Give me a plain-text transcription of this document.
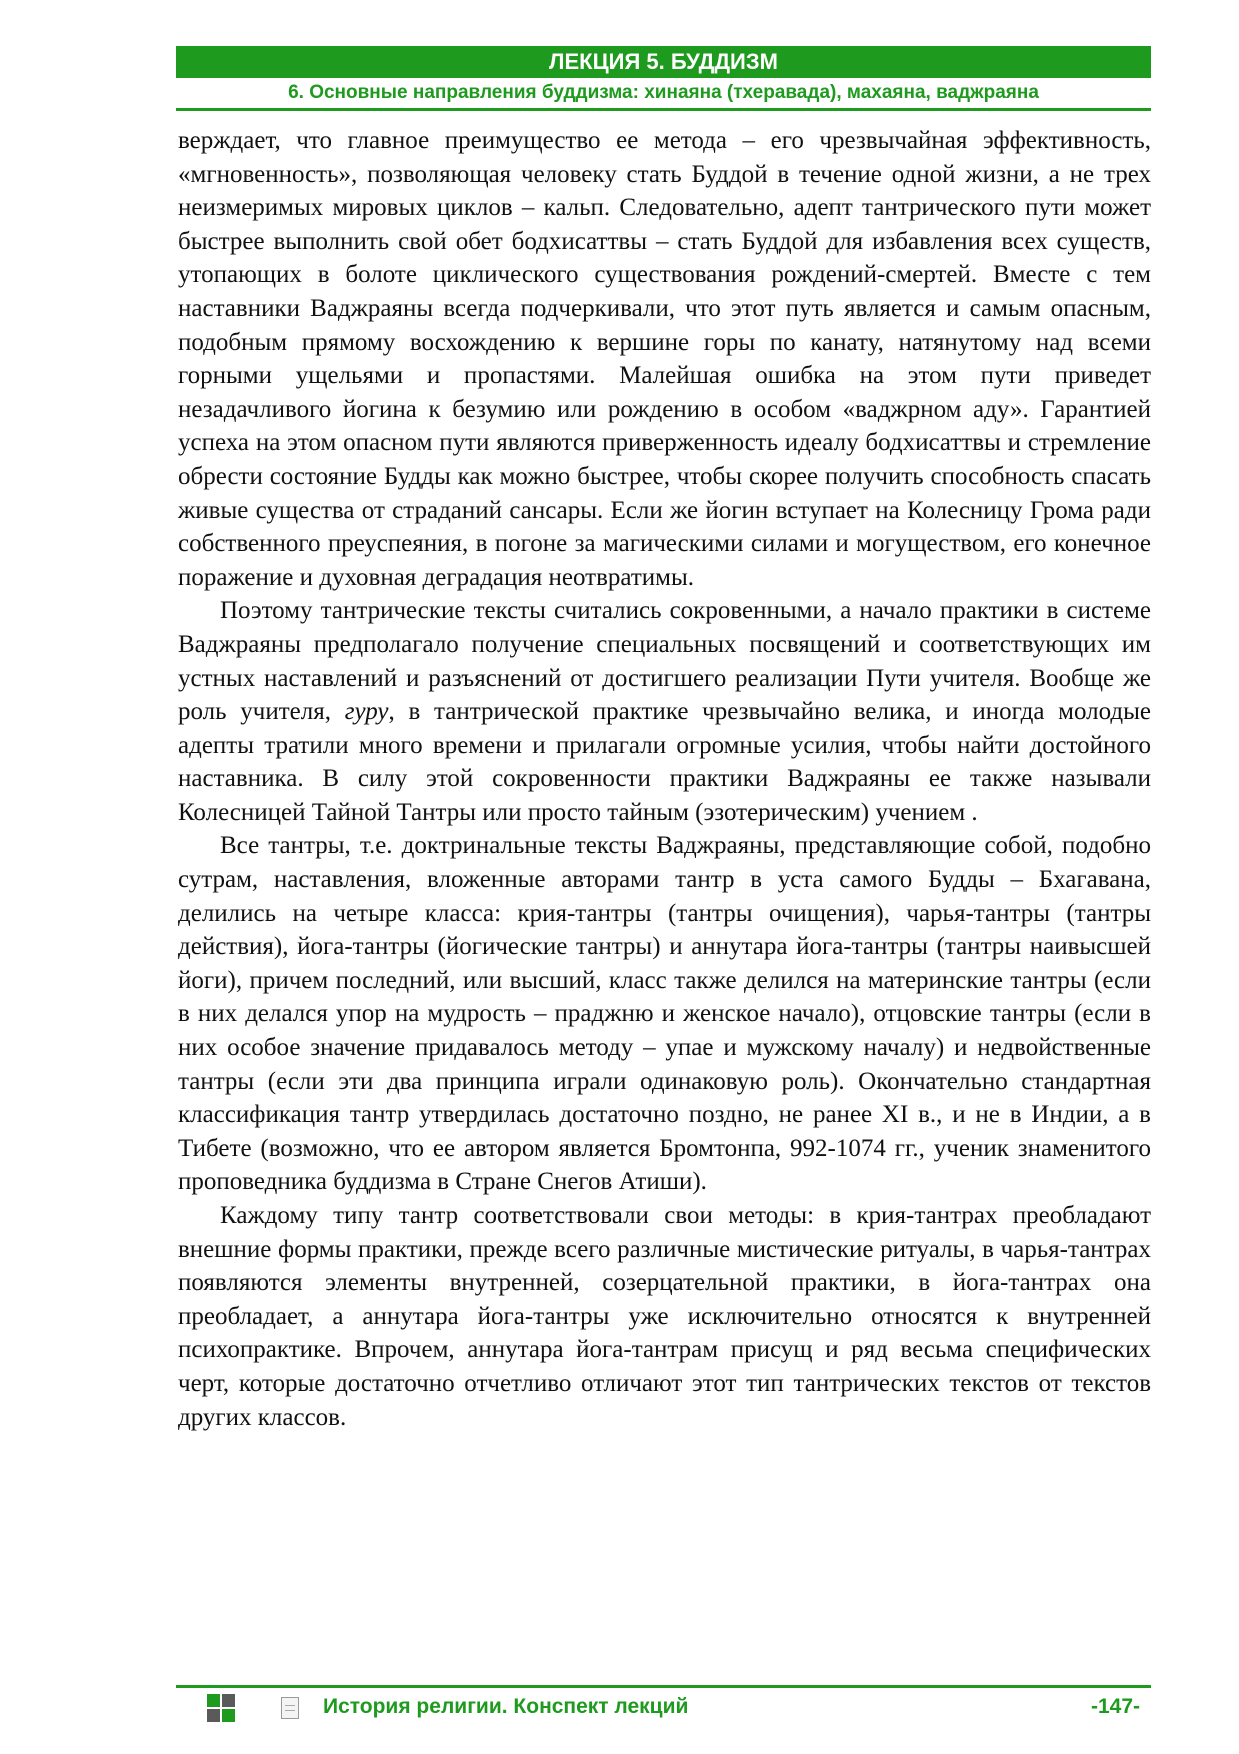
ЛЕКЦИЯ 5. БУДДИЗМ
6. Основные направления буддизма: хинаяна (тхеравада), махаяна, ваджраяна

верждает, что главное преимущество ее метода – его чрезвычайная эффективность, «мгновенность», позволяющая человеку стать Буддой в течение одной жизни, а не трех неизмеримых мировых циклов – кальп. Следовательно, адепт тантрического пути может быстрее выполнить свой обет бодхисаттвы – стать Буддой для избавления всех существ, утопающих в болоте циклического существования рождений-смертей. Вместе с тем наставники Ваджраяны всегда подчеркивали, что этот путь является и самым опасным, подобным прямому восхождению к вершине горы по канату, натянутому над всеми горными ущельями и пропастями. Малейшая ошибка на этом пути приведет незадачливого йогина к безумию или рождению в особом «ваджрном аду». Гарантией успеха на этом опасном пути являются приверженность идеалу бодхисаттвы и стремление обрести состояние Будды как можно быстрее, чтобы скорее получить способность спасать живые существа от страданий сансары. Если же йогин вступает на Колесницу Грома ради собственного преуспеяния, в погоне за магическими силами и могуществом, его конечное поражение и духовная деградация неотвратимы.

Поэтому тантрические тексты считались сокровенными, а начало практики в системе Ваджраяны предполагало получение специальных посвящений и соответствующих им устных наставлений и разъяснений от достигшего реализации Пути учителя. Вообще же роль учителя, гуру, в тантрической практике чрезвычайно велика, и иногда молодые адепты тратили много времени и прилагали огромные усилия, чтобы найти достойного наставника. В силу этой сокровенности практики Ваджраяны ее также называли Колесницей Тайной Тантры или просто тайным (эзотерическим) учением .

Все тантры, т.е. доктринальные тексты Ваджраяны, представляющие собой, подобно сутрам, наставления, вложенные авторами тантр в уста самого Будды – Бхагавана, делились на четыре класса: крия-тантры (тантры очищения), чарья-тантры (тантры действия), йога-тантры (йогические тантры) и аннутара йога-тантры (тантры наивысшей йоги), причем последний, или высший, класс также делился на материнские тантры (если в них делался упор на мудрость – праджню и женское начало), отцовские тантры (если в них особое значение придавалось методу – упае и мужскому началу) и недвойственные тантры (если эти два принципа играли одинаковую роль). Окончательно стандартная классификация тантр утвердилась достаточно поздно, не ранее XI в., и не в Индии, а в Тибете (возможно, что ее автором является Бромтонпа, 992-1074 гг., ученик знаменитого проповедника буддизма в Стране Снегов Атиши).

Каждому типу тантр соответствовали свои методы: в крия-тантрах преобладают внешние формы практики, прежде всего различные мистические ритуалы, в чарья-тантрах появляются элементы внутренней, созерцательной практики, в йога-тантрах она преобладает, а аннутара йога-тантры уже исключительно относятся к внутренней психопрактике. Впрочем, аннутара йога-тантрам присущ и ряд весьма специфических черт, которые достаточно отчетливо отличают этот тип тантрических текстов от текстов других классов.

История религии. Конспект лекций	-147-
